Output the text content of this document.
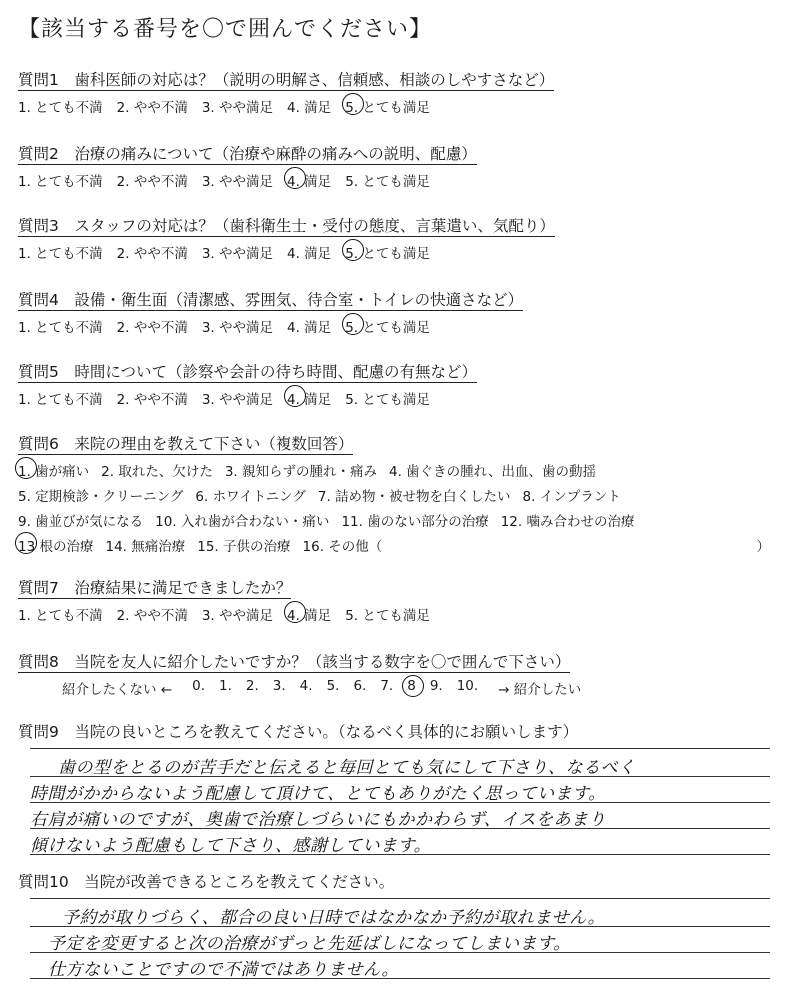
【該当する番号を〇で囲んでください】
質問1　歯科医師の対応は？（説明の明解さ、信頼感、相談のしやすさなど）
1. とても不満 2. やや不満 3. やや満足 4. 満足 5. とても満足
質問2　治療の痛みについて（治療や麻酔の痛みへの説明、配慮）
1. とても不満 2. やや不満 3. やや満足 4. 満足 5. とても満足
質問3　スタッフの対応は？（歯科衛生士・受付の態度、言葉遣い、気配り）
1. とても不満 2. やや不満 3. やや満足 4. 満足 5. とても満足
質問4　設備・衛生面（清潔感、雰囲気、待合室・トイレの快適さなど）
1. とても不満 2. やや不満 3. やや満足 4. 満足 5. とても満足
質問5　時間について（診察や会計の待ち時間、配慮の有無など）
1. とても不満 2. やや不満 3. やや満足 4. 満足 5. とても満足
質問6　来院の理由を教えて下さい（複数回答）
1. 歯が痛い 2. 取れた、欠けた 3. 親知らずの腫れ・痛み 4. 歯ぐきの腫れ、出血、歯の動揺
5. 定期検診・クリーニング 6. ホワイトニング 7. 詰め物・被せ物を白くしたい 8. インプラント
9. 歯並びが気になる 10. 入れ歯が合わない・痛い 11. 歯のない部分の治療 12. 噛み合わせの治療
13 根の治療 14. 無痛治療 15. 子供の治療 16. その他（	）
質問7　治療結果に満足できましたか？
1. とても不満 2. やや不満 3. やや満足 4. 満足 5. とても満足
質問8　当院を友人に紹介したいですか？（該当する数字を〇で囲んで下さい）
紹介したくない ← 0. 1. 2. 3. 4. 5. 6. 7. 8 9. 10. → 紹介したい
質問9　当院の良いところを教えてください。（なるべく具体的にお願いします）
歯の型をとるのが苦手だと伝えると毎回とても気にして下さり、なるべく
時間がかからないよう配慮して頂けて、とてもありがたく思っています。
右肩が痛いのですが、奥歯で治療しづらいにもかかわらず、イスをあまり
傾けないよう配慮もして下さり、感謝しています。
質問10　当院が改善できるところを教えてください。
予約が取りづらく、都合の良い日時ではなかなか予約が取れません。
予定を変更すると次の治療がずっと先延ばしになってしまいます。
仕方ないことですので不満ではありません。
